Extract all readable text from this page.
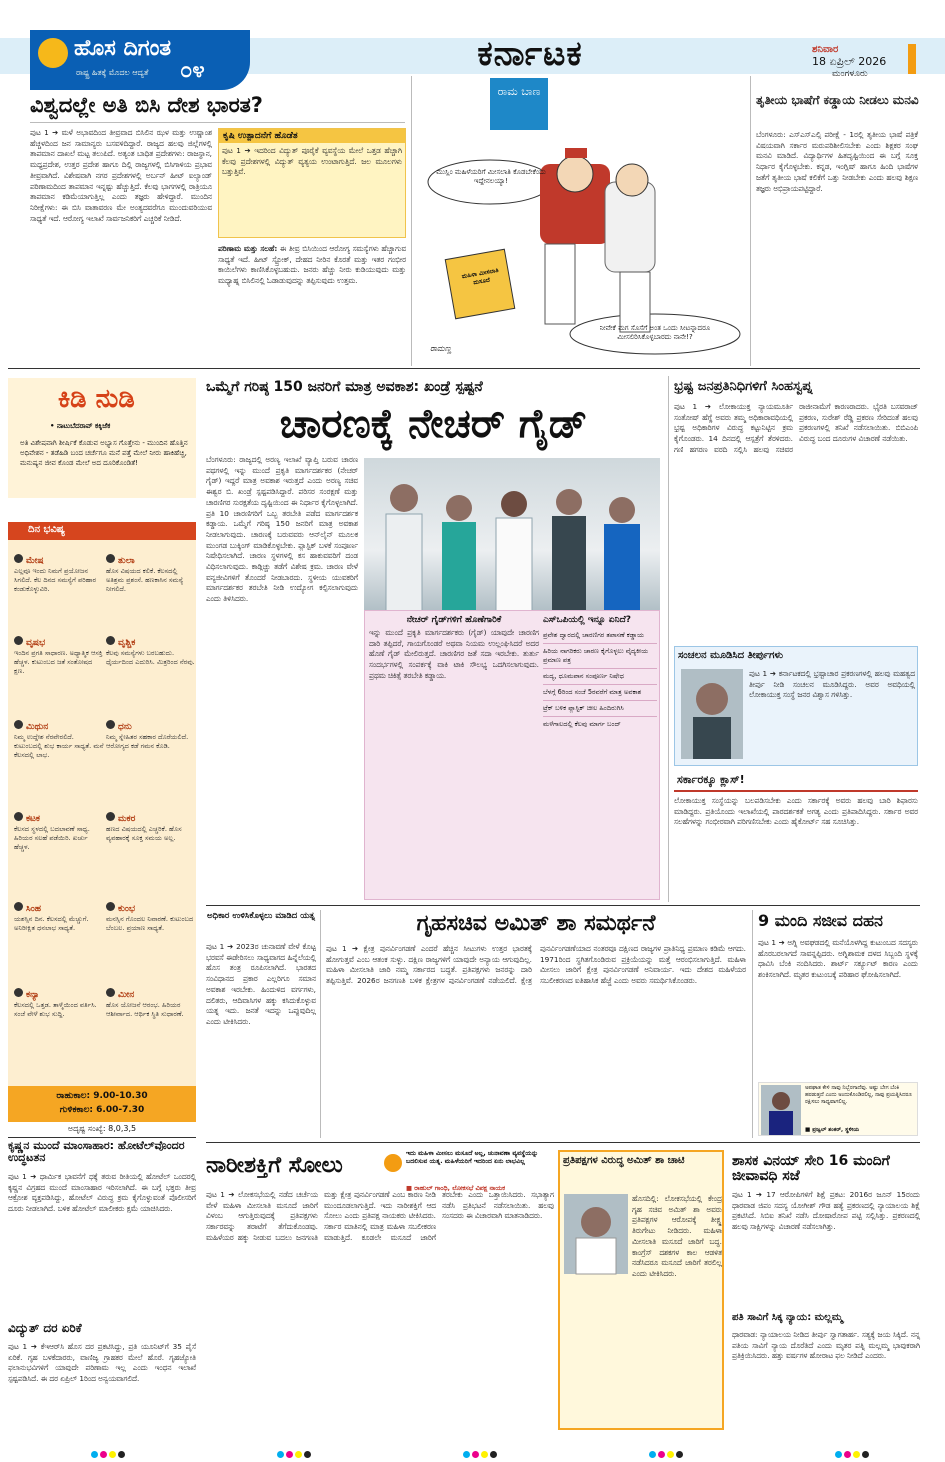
ಹೊಸ ದಿಗಂತ
ರಾಷ್ಟ್ರ ಹಿತಕ್ಕೆ ಮೊದಲ ಆದ್ಯತೆ ೦೪	ಕರ್ನಾಟಕ	ಶನಿವಾರ
18 ಏಪ್ರಿಲ್ 2026
ಮಂಗಳೂರು
ವಿಶ್ವದಲ್ಲೇ ಅತಿ ಬಿಸಿ ದೇಶ ಭಾರತ?
ಪುಟ 1 ➔ ಮಳೆ ಅಭಾವದಿಂದ ತೀವ್ರವಾದ ಬಿಸಿಲಿನ ಝಳ ಮತ್ತು ಉಷ್ಣಾಂಶ ಹೆಚ್ಚಳದಿಂದ ಜನ ಸಾಮಾನ್ಯರು ಬಸವಳಿದಿದ್ದಾರೆ. ರಾಜ್ಯದ ಹಲವು ಜಿಲ್ಲೆಗಳಲ್ಲಿ ತಾಪಮಾನ ದಾಖಲೆ ಮಟ್ಟ ತಲುಪಿದೆ. ಅತ್ಯಂತ ಬಾಧಿತ ಪ್ರದೇಶಗಳು: ರಾಜಸ್ಥಾನ, ಮಧ್ಯಪ್ರದೇಶ, ಉತ್ತರ ಪ್ರದೇಶ ಹಾಗೂ ದಿಲ್ಲಿ ರಾಜ್ಯಗಳಲ್ಲಿ ಬಿಸಿಗಾಳಿಯ ಪ್ರಭಾವ ತೀವ್ರವಾಗಿದೆ. ವಿಶೇಷವಾಗಿ ನಗರ ಪ್ರದೇಶಗಳಲ್ಲಿ ಅರ್ಬನ್ ಹೀಟ್ ಐಲ್ಯಾಂಡ್ ಪರಿಣಾಮದಿಂದ ತಾಪಮಾನ ಇನ್ನಷ್ಟು ಹೆಚ್ಚುತ್ತಿದೆ. ಕೆಲವು ಭಾಗಗಳಲ್ಲಿ ರಾತ್ರಿಯೂ ತಾಪಮಾನ ಕಡಿಮೆಯಾಗುತ್ತಿಲ್ಲ ಎಂದು ತಜ್ಞರು ಹೇಳಿದ್ದಾರೆ. ಮುಂದಿನ ನಿರೀಕ್ಷೆಗಳು: ಈ ಬಿಸಿ ವಾತಾವರಣ ಮೇ ಅಂತ್ಯದವರೆಗೂ ಮುಂದುವರಿಯುವ ಸಾಧ್ಯತೆ ಇದೆ. ಆರೋಗ್ಯ ಇಲಾಖೆ ಸಾರ್ವಜನಿಕರಿಗೆ ಎಚ್ಚರಿಕೆ ನೀಡಿದೆ.
ಕೃಷಿ ಉತ್ಪಾದನೆಗೆ ಹೊಡೆತ
ಪುಟ 1 ➔ ಇದರಿಂದ ವಿದ್ಯುತ್ ಪೂರೈಕೆ ವ್ಯವಸ್ಥೆಯ ಮೇಲೆ ಒತ್ತಡ ಹೆಚ್ಚಾಗಿ ಕೆಲವು ಪ್ರದೇಶಗಳಲ್ಲಿ ವಿದ್ಯುತ್ ವ್ಯತ್ಯಯ ಉಂಟಾಗುತ್ತಿದೆ. ಜಲ ಮೂಲಗಳು ಬತ್ತುತ್ತಿವೆ.
ಪರಿಣಾಮ ಮತ್ತು ಸಲಹೆ: ಈ ತೀವ್ರ ಬಿಸಿಯಿಂದ ಆರೋಗ್ಯ ಸಮಸ್ಯೆಗಳು ಹೆಚ್ಚಾಗುವ ಸಾಧ್ಯತೆ ಇದೆ. ಹೀಟ್ ಸ್ಟ್ರೋಕ್, ದೇಹದ ನೀರಿನ ಕೊರತೆ ಮತ್ತು ಇತರ ಗಂಭೀರ ಕಾಯಿಲೆಗಳು ಕಾಣಿಸಿಕೊಳ್ಳಬಹುದು. ಜನರು ಹೆಚ್ಚು ನೀರು ಕುಡಿಯುವುದು ಮತ್ತು ಮಧ್ಯಾಹ್ನ ಬಿಸಿಲಿನಲ್ಲಿ ಓಡಾಡುವುದನ್ನು ತಪ್ಪಿಸುವುದು ಉತ್ತಮ.
ರಾಮ ಬಾಣ
ಮುಸ್ಲಿಂ ಮಹಿಳೆಯರಿಗೆ ಮೀಸಲಾತಿ ಕೊಡಬೇಕೆಂದು ಇದ್ದೇನಲಯ್ಯಾ!
ಮಹಿಳಾ ಮೀಸಲಾತಿ ಮಸೂದೆ
ನೀವೇಕೆ ಮಗ ಸೊಸೆಗೆ ಅಂತ ಒಂದು ಸೀಟನ್ನಾದರೂ ಮೀಸಲಿರಿಸಿಕೊಳ್ಳಬಾರದು ನಾನೇ!?
ರಾಮಣ್ಣ
ತೃತೀಯ ಭಾಷೆಗೆ ಕಡ್ಡಾಯ ನೀಡಲು ಮನವಿ
ಬೆಂಗಳೂರು: ಎಸ್ಎಸ್ಎಲ್ಸಿ ಪರೀಕ್ಷೆ - 1ರಲ್ಲಿ ತೃತೀಯ ಭಾಷೆ ಪತ್ರಿಕೆ ವಿಷಯವಾಗಿ ಸರ್ಕಾರ ಮರುಪರಿಶೀಲಿಸಬೇಕು ಎಂದು ಶಿಕ್ಷಕರ ಸಂಘ ಮನವಿ ಮಾಡಿದೆ. ವಿದ್ಯಾರ್ಥಿಗಳ ಹಿತದೃಷ್ಟಿಯಿಂದ ಈ ಬಗ್ಗೆ ಸೂಕ್ತ ನಿರ್ಧಾರ ಕೈಗೊಳ್ಳಬೇಕು. ಕನ್ನಡ, ಇಂಗ್ಲಿಷ್ ಹಾಗೂ ಹಿಂದಿ ಭಾಷೆಗಳ ಜತೆಗೆ ತೃತೀಯ ಭಾಷೆ ಕಲಿಕೆಗೆ ಒತ್ತು ನೀಡಬೇಕು ಎಂದು ಹಲವು ಶಿಕ್ಷಣ ತಜ್ಞರು ಅಭಿಪ್ರಾಯಪಟ್ಟಿದ್ದಾರೆ.
ಕಿಡಿ ನುಡಿ
• ನಾಟುಬೆದರಾವ್ ಕಕ್ಕಿಜೆಕ
ಅತಿ ವಿಶೇಷವಾಗಿ ಶೀರ್ಷಿಕೆ ಕೊಡುವ ಅಭ್ಯಾಸ ಗೊತ್ತೇನು - ಮುಂದಿನ ಹೊತ್ತಿನ ಅಧಿವೇಶನ - ತಡೆಹಿಡಿ ಬಂದ ಚರ್ಚೆಗೂ ಮನೆ ಪತ್ತೆ ಮೇಲೆ ನೀರು ಹಾಕಿಹೆಚ್ಚಿ, ಮನುಷ್ಯನ ಜೀವ ಕೊಂಡ ಮೇಲೆ ಅದ ದೂರಿಕೊಂಡಿತೆ!
ದಿನ ಭವಿಷ್ಯ
ಮೇಷ
ಎಲ್ಲವೂ ಇಂದು ನಿಮಗೆ ಪ್ರಯೋಜನ ಸಿಗಲಿದೆ. ಕೆಲ ದಿನದ ಸಮಸ್ಯೆಗೆ ಪರಿಹಾರ ಕಂಡುಕೊಳ್ಳುವಿರಿ.
ತುಲಾ
ಹೊಸ ವಿಷಯದ ಕಲಿಕೆ. ಕೆಲಸದಲ್ಲಿ ಅತಿಶ್ರಮ ಪ್ರಶಂಸೆ. ಹಣಕಾಸಿನ ಸಮಸ್ಯೆ ನೀಗಲಿದೆ.
ವೃಷಭ
ಇಂದಿನ ಪ್ರಗತಿ ಸಾಧಾರಣ. ಅಧ್ಯಾತ್ಮಿಕ ಆಸಕ್ತಿ ಹೆಚ್ಚಳ. ಕುಟುಂಬದ ಜತೆ ಸಂತೋಷದ ಕ್ಷಣ.
ವೃಶ್ಚಿಕ
ಕೆಲವು ಸಮಸ್ಯೆಗಳು ಬರಬಹುದು. ಧೈರ್ಯದಿಂದ ಎದುರಿಸಿ. ಮಿತ್ರರಿಂದ ನೆರವು.
ಮಿಥುನ
ನಿಮ್ಮ ಉದ್ದೇಶ ನೆರವೇರಲಿದೆ. ಕುಟುಂಬದಲ್ಲಿ ಶುಭ ಕಾರ್ಯ ಸಾಧ್ಯತೆ. ಮನೆ ಕೆಲಸದಲ್ಲಿ ಲಾಭ.
ಧನು
ನಿಮ್ಮ ಸ್ನೇಹಿತರ ಸಹಕಾರ ದೊರೆಯಲಿದೆ. ಆರೋಗ್ಯದ ಕಡೆ ಗಮನ ಕೊಡಿ.
ಕಟಕ
ಕೆಲಸದ ಸ್ಥಳದಲ್ಲಿ ಬದಲಾವಣೆ ಸಾಧ್ಯ. ಹಿರಿಯರ ಸಲಹೆ ಪಡೆಯಿರಿ. ಖರ್ಚು ಹೆಚ್ಚಳ.
ಮಕರ
ಹಣದ ವಿಷಯದಲ್ಲಿ ಎಚ್ಚರಿಕೆ. ಹೊಸ ವ್ಯವಹಾರಕ್ಕೆ ಸೂಕ್ತ ಸಮಯ ಅಲ್ಲ.
ಸಿಂಹ
ಯಶಸ್ಸಿನ ದಿನ. ಕೆಲಸದಲ್ಲಿ ಮೆಚ್ಚುಗೆ. ಅನಿರೀಕ್ಷಿತ ಧನಲಾಭ ಸಾಧ್ಯತೆ.
ಕುಂಭ
ಮನಸ್ಸಿನ ಗೊಂದಲ ನಿವಾರಣೆ. ಕುಟುಂಬದ ಬೆಂಬಲ. ಪ್ರಯಾಣ ಸಾಧ್ಯತೆ.
ಕನ್ಯಾ
ಕೆಲಸದಲ್ಲಿ ಒತ್ತಡ. ತಾಳ್ಮೆಯಿಂದ ವರ್ತಿಸಿ. ಸಂಜೆ ವೇಳೆ ಶುಭ ಸುದ್ದಿ.
ಮೀನ
ಹೊಸ ಯೋಜನೆ ಆರಂಭ. ಹಿರಿಯರ ಆಶೀರ್ವಾದ. ಆರ್ಥಿಕ ಸ್ಥಿತಿ ಸುಧಾರಣೆ.
ರಾಹುಕಾಲ: 9.00-10.30
ಗುಳಿಕಕಾಲ: 6.00-7.30
ಅದೃಷ್ಟ ಸಂಖ್ಯೆ: 8,0,3,5
ಒಮ್ಮೆಗೆ ಗರಿಷ್ಠ 150 ಜನರಿಗೆ ಮಾತ್ರ ಅವಕಾಶ: ಖಂಡ್ರೆ ಸ್ಪಷ್ಟನೆ
ಚಾರಣಕ್ಕೆ ನೇಚರ್ ಗೈಡ್
ಬೆಂಗಳೂರು: ರಾಜ್ಯದಲ್ಲಿ ಅರಣ್ಯ ಇಲಾಖೆ ವ್ಯಾಪ್ತಿ ಬರುವ ಚಾರಣ ಪಥಗಳಲ್ಲಿ ಇನ್ನು ಮುಂದೆ ಪ್ರಕೃತಿ ಮಾರ್ಗದರ್ಶಕರ (ನೇಚರ್ ಗೈಡ್) ಇದ್ದರೆ ಮಾತ್ರ ಅವಕಾಶ ಇರುತ್ತದೆ ಎಂದು ಅರಣ್ಯ ಸಚಿವ ಈಶ್ವರ ಬಿ. ಖಂಡ್ರೆ ಸ್ಪಷ್ಟಪಡಿಸಿದ್ದಾರೆ. ಪರಿಸರ ಸಂರಕ್ಷಣೆ ಮತ್ತು ಚಾರಣಿಗರ ಸುರಕ್ಷತೆಯ ದೃಷ್ಟಿಯಿಂದ ಈ ನಿರ್ಧಾರ ಕೈಗೊಳ್ಳಲಾಗಿದೆ. ಪ್ರತಿ 10 ಚಾರಣಿಗರಿಗೆ ಒಬ್ಬ ತರಬೇತಿ ಪಡೆದ ಮಾರ್ಗದರ್ಶಕ ಕಡ್ಡಾಯ. ಒಮ್ಮೆಗೆ ಗರಿಷ್ಠ 150 ಜನರಿಗೆ ಮಾತ್ರ ಅವಕಾಶ ನೀಡಲಾಗುವುದು. ಚಾರಣಕ್ಕೆ ಬರುವವರು ಆನ್‌ಲೈನ್ ಮೂಲಕ ಮುಂಗಡ ಬುಕ್ಕಿಂಗ್ ಮಾಡಿಕೊಳ್ಳಬೇಕು. ಪ್ಲಾಸ್ಟಿಕ್ ಬಳಕೆ ಸಂಪೂರ್ಣ ನಿಷೇಧಿಸಲಾಗಿದೆ. ಚಾರಣ ಸ್ಥಳಗಳಲ್ಲಿ ಕಸ ಹಾಕುವವರಿಗೆ ದಂಡ ವಿಧಿಸಲಾಗುವುದು. ಕಾಡ್ಗಿಚ್ಚು ತಡೆಗೆ ವಿಶೇಷ ಕ್ರಮ. ಚಾರಣ ವೇಳೆ ವನ್ಯಜೀವಿಗಳಿಗೆ ತೊಂದರೆ ನೀಡಬಾರದು. ಸ್ಥಳೀಯ ಯುವಕರಿಗೆ ಮಾರ್ಗದರ್ಶಕರ ತರಬೇತಿ ನೀಡಿ ಉದ್ಯೋಗ ಕಲ್ಪಿಸಲಾಗುವುದು ಎಂದು ತಿಳಿಸಿದರು.
ನೇಚರ್ ಗೈಡ್‌ಗಳಿಗೆ ಹೊಣೆಗಾರಿಕೆ
ಇನ್ನು ಮುಂದೆ ಪ್ರಕೃತಿ ಮಾರ್ಗದರ್ಶಕರು (ಗೈಡ್) ಯಾವುದೇ ಚಾರಣಿಗ ದಾರಿ ತಪ್ಪಿದರೆ, ಗಾಯಗೊಂಡರೆ ಅಥವಾ ನಿಯಮ ಉಲ್ಲಂಘಿಸಿದರೆ ಅದರ ಹೊಣೆ ಗೈಡ್ ಮೇಲಿರುತ್ತದೆ. ಚಾರಣಿಗರ ಜತೆ ಸದಾ ಇರಬೇಕು. ತುರ್ತು ಸಂದರ್ಭಗಳಲ್ಲಿ ಸಂಪರ್ಕಕ್ಕೆ ವಾಕಿ ಟಾಕಿ ಸೌಲಭ್ಯ ಒದಗಿಸಲಾಗುವುದು. ಪ್ರಥಮ ಚಿಕಿತ್ಸೆ ತರಬೇತಿ ಕಡ್ಡಾಯ.
ಎಸ್‌ಒಪಿಯಲ್ಲಿ ಇನ್ನೂ ಏನಿದೆ?
ಪ್ರವೇಶ ದ್ವಾರದಲ್ಲಿ ಚಾರಣಿಗರ ತಪಾಸಣೆ ಕಡ್ಡಾಯ
ಹಿರಿಯ ನಾಗರಿಕರು ಚಾರಣ ಕೈಗೊಳ್ಳಲು ವೈದ್ಯಕೀಯ ಪ್ರಮಾಣ ಪತ್ರ
ಮದ್ಯ, ಧೂಮಪಾನ ಸಂಪೂರ್ಣ ನಿಷೇಧ
ಬೆಳಗ್ಗೆ 6ರಿಂದ ಸಂಜೆ 5ರವರೆಗೆ ಮಾತ್ರ ಅವಕಾಶ
ಟ್ರೆಕ್ ಬಳಿಕ ಪ್ಲಾಸ್ಟಿಕ್ ಚೀಲ ಹಿಂದಿರುಗಿಸಿ
ಮಳೆಗಾಲದಲ್ಲಿ ಕೆಲವು ಮಾರ್ಗ ಬಂದ್
ಭ್ರಷ್ಟ ಜನಪ್ರತಿನಿಧಿಗಳಿಗೆ ಸಿಂಹಸ್ವಪ್ನ
ಪುಟ 1 ➔ ಲೋಕಾಯುಕ್ತ ನ್ಯಾಯಮೂರ್ತಿ ಸಂತೋಷ್ ಹೆಗ್ಡೆ ಅವರು ತಮ್ಮ ಅಧಿಕಾರಾವಧಿಯಲ್ಲಿ ಭ್ರಷ್ಟ ಅಧಿಕಾರಿಗಳ ವಿರುದ್ಧ ಕಟ್ಟುನಿಟ್ಟಿನ ಕ್ರಮ ಕೈಗೊಂಡರು. 14 ದಿನದಲ್ಲಿ ಆಸ್ಪತ್ರೆಗೆ ತೆರಳಿದರು. ಗಣಿ ಹಗರಣ ವರದಿ ಸಲ್ಲಿಸಿ ಹಲವು ಸಚಿವರ ರಾಜೀನಾಮೆಗೆ ಕಾರಣರಾದರು. ಭೈರತಿ ಬಸವರಾಜ್ ಪ್ರಕರಣ, ಸುರೇಶ್ ರೆಡ್ಡಿ ಪ್ರಕರಣ ಸೇರಿದಂತೆ ಹಲವು ಪ್ರಕರಣಗಳಲ್ಲಿ ತನಿಖೆ ನಡೆಸಲಾಯಿತು. ಬಿಬಿಎಂಪಿ ವಿರುದ್ಧ ಬಂದ ದೂರುಗಳ ವಿಚಾರಣೆ ನಡೆಯಿತು.
ಸಂಚಲನ ಮೂಡಿಸಿದ ತೀರ್ಪುಗಳು
ಪುಟ 1 ➔ ಕರ್ನಾಟಕದಲ್ಲಿ ಭ್ರಷ್ಟಾಚಾರ ಪ್ರಕರಣಗಳಲ್ಲಿ ಹಲವು ಮಹತ್ವದ ತೀರ್ಪು ನೀಡಿ ಸಂಚಲನ ಮೂಡಿಸಿದ್ದರು. ಅವರ ಅವಧಿಯಲ್ಲಿ ಲೋಕಾಯುಕ್ತ ಸಂಸ್ಥೆ ಜನರ ವಿಶ್ವಾಸ ಗಳಿಸಿತ್ತು.
ಸರ್ಕಾರಕ್ಕೂ ಕ್ಲಾಸ್!
ಲೋಕಾಯುಕ್ತ ಸಂಸ್ಥೆಯನ್ನು ಬಲಪಡಿಸಬೇಕು ಎಂದು ಸರ್ಕಾರಕ್ಕೆ ಅವರು ಹಲವು ಬಾರಿ ಶಿಫಾರಸು ಮಾಡಿದ್ದರು. ಪ್ರತಿಯೊಂದು ಇಲಾಖೆಯಲ್ಲಿ ಪಾರದರ್ಶಕತೆ ಅಗತ್ಯ ಎಂದು ಪ್ರತಿಪಾದಿಸಿದ್ದರು. ಸರ್ಕಾರ ಅವರ ಸಲಹೆಗಳನ್ನು ಗಂಭೀರವಾಗಿ ಪರಿಗಣಿಸಬೇಕು ಎಂದು ಹೈಕೋರ್ಟ್ ಸಹ ಸೂಚಿಸಿತ್ತು.
ಅಧಿಕಾರ ಉಳಿಸಿಕೊಳ್ಳಲು ಮಾಡಿದ ಯತ್ನ
ಪುಟ 1 ➔ 2023ರ ಚುನಾವಣೆ ವೇಳೆ ಕೊಟ್ಟ ಭರವಸೆ ಈಡೇರಿಸಲು ಸಾಧ್ಯವಾಗದ ಹಿನ್ನೆಲೆಯಲ್ಲಿ ಹೊಸ ತಂತ್ರ ರೂಪಿಸಲಾಗಿದೆ. ಭಾರತದ ಸಂವಿಧಾನದ ಪ್ರಕಾರ ಎಲ್ಲರಿಗೂ ಸಮಾನ ಅವಕಾಶ ಇರಬೇಕು. ಹಿಂದುಳಿದ ವರ್ಗಗಳು, ದಲಿತರು, ಆದಿವಾಸಿಗಳ ಹಕ್ಕು ಕಸಿದುಕೊಳ್ಳುವ ಯತ್ನ ಇದು. ಜನತೆ ಇದನ್ನು ಒಪ್ಪುವುದಿಲ್ಲ ಎಂದು ಟೀಕಿಸಿದರು.
ಗೃಹಸಚಿವ ಅಮಿತ್ ಶಾ ಸಮರ್ಥನೆ
ಪುಟ 1 ➔ ಕ್ಷೇತ್ರ ಪುನರ್ವಿಂಗಡಣೆ ಎಂದರೆ ಹೆಚ್ಚಿನ ಸೀಟುಗಳು ಉತ್ತರ ಭಾರತಕ್ಕೆ ಹೋಗುತ್ತವೆ ಎಂಬ ಆತಂಕ ಸುಳ್ಳು. ದಕ್ಷಿಣ ರಾಜ್ಯಗಳಿಗೆ ಯಾವುದೇ ಅನ್ಯಾಯ ಆಗುವುದಿಲ್ಲ. ಮಹಿಳಾ ಮೀಸಲಾತಿ ಜಾರಿ ನಮ್ಮ ಸರ್ಕಾರದ ಬದ್ಧತೆ. ಪ್ರತಿಪಕ್ಷಗಳು ಜನರನ್ನು ದಾರಿ ತಪ್ಪಿಸುತ್ತಿವೆ. 2026ರ ಜನಗಣತಿ ಬಳಿಕ ಕ್ಷೇತ್ರಗಳ ಪುನರ್ವಿಂಗಡಣೆ ನಡೆಯಲಿದೆ. ಕ್ಷೇತ್ರ ಪುನರ್ವಿಂಗಡಣೆಯಾದ ನಂತರವೂ ದಕ್ಷಿಣದ ರಾಜ್ಯಗಳ ಪ್ರಾತಿನಿಧ್ಯ ಪ್ರಮಾಣ ಕಡಿಮೆ ಆಗದು. 1971ರಿಂದ ಸ್ಥಗಿತಗೊಂಡಿರುವ ಪ್ರಕ್ರಿಯೆಯನ್ನು ಮತ್ತೆ ಆರಂಭಿಸಲಾಗುತ್ತಿದೆ. ಮಹಿಳಾ ಮೀಸಲು ಜಾರಿಗೆ ಕ್ಷೇತ್ರ ಪುನರ್ವಿಂಗಡಣೆ ಅನಿವಾರ್ಯ. ಇದು ದೇಶದ ಮಹಿಳೆಯರ ಸಬಲೀಕರಣದ ಐತಿಹಾಸಿಕ ಹೆಜ್ಜೆ ಎಂದು ಅವರು ಸಮರ್ಥಿಸಿಕೊಂಡರು.
9 ಮಂದಿ ಸಜೀವ ದಹನ
ಪುಟ 1 ➔ ಅಗ್ನಿ ಅವಘಡದಲ್ಲಿ ಮನೆಯೊಳಗಿದ್ದ ಕುಟುಂಬದ ಸದಸ್ಯರು ಹೊರಬರಲಾಗದೆ ಸಾವನ್ನಪ್ಪಿದರು. ಅಗ್ನಿಶಾಮಕ ದಳದ ಸಿಬ್ಬಂದಿ ಸ್ಥಳಕ್ಕೆ ಧಾವಿಸಿ ಬೆಂಕಿ ನಂದಿಸಿದರು. ಶಾರ್ಟ್ ಸರ್ಕ್ಯೂಟ್ ಕಾರಣ ಎಂದು ಶಂಕಿಸಲಾಗಿದೆ. ಮೃತರ ಕುಟುಂಬಕ್ಕೆ ಪರಿಹಾರ ಘೋಷಿಸಲಾಗಿದೆ.
ಅಪಘಾತ ಕೇಳಿ ನಾವು ನಿಬ್ಬೆರಗಾದೆವು. ಅಷ್ಟು ಬೇಗ ಬೆಂಕಿ ಹರಡುತ್ತದೆ ಎಂದು ಅಂದುಕೊಂಡಿರಲಿಲ್ಲ, ನಾವು ಪ್ರಯತ್ನಿಸಿದರೂ ರಕ್ಷಿಸಲು ಸಾಧ್ಯವಾಗಲಿಲ್ಲ.
■ ಪ್ರಜ್ವಲ್ ಶಂಕರ್, ಸ್ಥಳೀಯ
ಕೃಷ್ಣನ ಮುಂದೆ ಮಾಂಸಾಹಾರ: ಹೋಟೆಲ್‌ವೊಂದರ ಉದ್ಧಟತನ
ಪುಟ 1 ➔ ಧಾರ್ಮಿಕ ಭಾವನೆಗೆ ಧಕ್ಕೆ ತರುವ ರೀತಿಯಲ್ಲಿ ಹೋಟೆಲ್ ಒಂದರಲ್ಲಿ ಕೃಷ್ಣನ ವಿಗ್ರಹದ ಮುಂದೆ ಮಾಂಸಾಹಾರ ಇರಿಸಲಾಗಿದೆ. ಈ ಬಗ್ಗೆ ಭಕ್ತರು ತೀವ್ರ ಆಕ್ರೋಶ ವ್ಯಕ್ತಪಡಿಸಿದ್ದು, ಹೋಟೆಲ್ ವಿರುದ್ಧ ಕ್ರಮ ಕೈಗೊಳ್ಳುವಂತೆ ಪೊಲೀಸರಿಗೆ ದೂರು ನೀಡಲಾಗಿದೆ. ಬಳಿಕ ಹೋಟೆಲ್ ಮಾಲೀಕರು ಕ್ಷಮೆ ಯಾಚಿಸಿದರು.
ವಿದ್ಯುತ್ ದರ ಏರಿಕೆ
ಪುಟ 1 ➔ ಕೆಇಆರ್‌ಸಿ ಹೊಸ ದರ ಪ್ರಕಟಿಸಿದ್ದು, ಪ್ರತಿ ಯೂನಿಟ್‌ಗೆ 35 ಪೈಸೆ ಏರಿಕೆ. ಗೃಹ ಬಳಕೆದಾರರು, ವಾಣಿಜ್ಯ ಗ್ರಾಹಕರ ಮೇಲೆ ಹೊರೆ. ಗೃಹಜ್ಯೋತಿ ಫಲಾನುಭವಿಗಳಿಗೆ ಯಾವುದೇ ಪರಿಣಾಮ ಇಲ್ಲ ಎಂದು ಇಂಧನ ಇಲಾಖೆ ಸ್ಪಷ್ಟಪಡಿಸಿದೆ. ಈ ದರ ಏಪ್ರಿಲ್ 1ರಿಂದ ಅನ್ವಯವಾಗಲಿದೆ.
ನಾರೀಶಕ್ತಿಗೆ ಸೋಲು	ಇದು ಮಹಿಳಾ ಮೀಸಲು ಮಸೂದೆ ಅಲ್ಲ, ಚುನಾವಣಾ ವ್ಯವಸ್ಥೆಯನ್ನು ಬದಲಿಸುವ ಯತ್ನ. ಮಹಿಳೆಯರಿಗೆ ಇದರಿಂದ ಏನು ಲಾಭವಿಲ್ಲ
■ ರಾಹುಲ್ ಗಾಂಧಿ, ಲೋಕಸಭೆ ವಿಪಕ್ಷ ನಾಯಕ
ಪುಟ 1 ➔ ಲೋಕಸಭೆಯಲ್ಲಿ ನಡೆದ ಚರ್ಚೆಯ ವೇಳೆ ಮಹಿಳಾ ಮೀಸಲಾತಿ ಮಸೂದೆ ಜಾರಿಗೆ ವಿಳಂಬ ಆಗುತ್ತಿರುವುದಕ್ಕೆ ಪ್ರತಿಪಕ್ಷಗಳು ಸರ್ಕಾರವನ್ನು ತರಾಟೆಗೆ ತೆಗೆದುಕೊಂಡವು. ಮಹಿಳೆಯರ ಹಕ್ಕು ನೀಡುವ ಬದಲು ಜನಗಣತಿ ಮತ್ತು ಕ್ಷೇತ್ರ ಪುನರ್ವಿಂಗಡಣೆ ಎಂಬ ಕಾರಣ ನೀಡಿ ಮುಂದೂಡಲಾಗುತ್ತಿದೆ. ಇದು ನಾರೀಶಕ್ತಿಗೆ ಆದ ಸೋಲು ಎಂದು ಪ್ರತಿಪಕ್ಷ ನಾಯಕರು ಟೀಕಿಸಿದರು. ಸರ್ಕಾರ ಮಾತಿನಲ್ಲಿ ಮಾತ್ರ ಮಹಿಳಾ ಸಬಲೀಕರಣ ಮಾಡುತ್ತಿದೆ. ಕೂಡಲೇ ಮಸೂದೆ ಜಾರಿಗೆ ತರಬೇಕು ಎಂದು ಒತ್ತಾಯಿಸಿದರು. ಸಭಾತ್ಯಾಗ ನಡೆಸಿ ಪ್ರತಿಭಟನೆ ನಡೆಸಲಾಯಿತು. ಹಲವು ಸಂಸದರು ಈ ವಿಚಾರವಾಗಿ ಮಾತನಾಡಿದರು.
ಪ್ರತಿಪಕ್ಷಗಳ ವಿರುದ್ಧ ಅಮಿತ್ ಶಾ ಚಾಟಿ
ಹೊಸದಿಲ್ಲಿ: ಲೋಕಸಭೆಯಲ್ಲಿ ಕೇಂದ್ರ ಗೃಹ ಸಚಿವ ಅಮಿತ್ ಶಾ ಅವರು ಪ್ರತಿಪಕ್ಷಗಳ ಆರೋಪಕ್ಕೆ ತೀಕ್ಷ್ಣ ತಿರುಗೇಟು ನೀಡಿದರು. ಮಹಿಳಾ ಮೀಸಲಾತಿ ಮಸೂದೆ ಜಾರಿಗೆ ಬದ್ಧ. ಕಾಂಗ್ರೆಸ್ ದಶಕಗಳ ಕಾಲ ಆಡಳಿತ ನಡೆಸಿದರೂ ಮಸೂದೆ ಜಾರಿಗೆ ತರಲಿಲ್ಲ ಎಂದು ಟೀಕಿಸಿದರು.
ಶಾಸಕ ವಿನಯ್ ಸೇರಿ 16 ಮಂದಿಗೆ ಜೀವಾವಧಿ ಸಜೆ
ಪುಟ 1 ➔ 17 ಆರೋಪಿಗಳಿಗೆ ಶಿಕ್ಷೆ ಪ್ರಕಟ: 2016ರ ಜೂನ್ 15ರಂದು ಧಾರವಾಡ ಜಿಪಂ ಸದಸ್ಯ ಯೋಗೀಶ್ ಗೌಡ ಹತ್ಯೆ ಪ್ರಕರಣದಲ್ಲಿ ನ್ಯಾಯಾಲಯ ಶಿಕ್ಷೆ ಪ್ರಕಟಿಸಿದೆ. ಸಿಬಿಐ ತನಿಖೆ ನಡೆಸಿ ದೋಷಾರೋಪ ಪಟ್ಟಿ ಸಲ್ಲಿಸಿತ್ತು. ಪ್ರಕರಣದಲ್ಲಿ ಹಲವು ಸಾಕ್ಷಿಗಳನ್ನು ವಿಚಾರಣೆ ನಡೆಸಲಾಗಿತ್ತು.
ಪತಿ ಸಾವಿಗೆ ಸಿಕ್ಕ ನ್ಯಾಯ: ಮಲ್ಲಮ್ಮ
ಧಾರವಾಡ: ನ್ಯಾಯಾಲಯ ನೀಡಿದ ತೀರ್ಪು ಸ್ವಾಗತಾರ್ಹ. ಸತ್ಯಕ್ಕೆ ಜಯ ಸಿಕ್ಕಿದೆ. ನನ್ನ ಪತಿಯ ಸಾವಿಗೆ ನ್ಯಾಯ ದೊರೆತಿದೆ ಎಂದು ಮೃತರ ಪತ್ನಿ ಮಲ್ಲಮ್ಮ ಭಾವುಕರಾಗಿ ಪ್ರತಿಕ್ರಿಯಿಸಿದರು. ಹತ್ತು ವರ್ಷಗಳ ಹೋರಾಟ ಫಲ ನೀಡಿದೆ ಎಂದರು.
